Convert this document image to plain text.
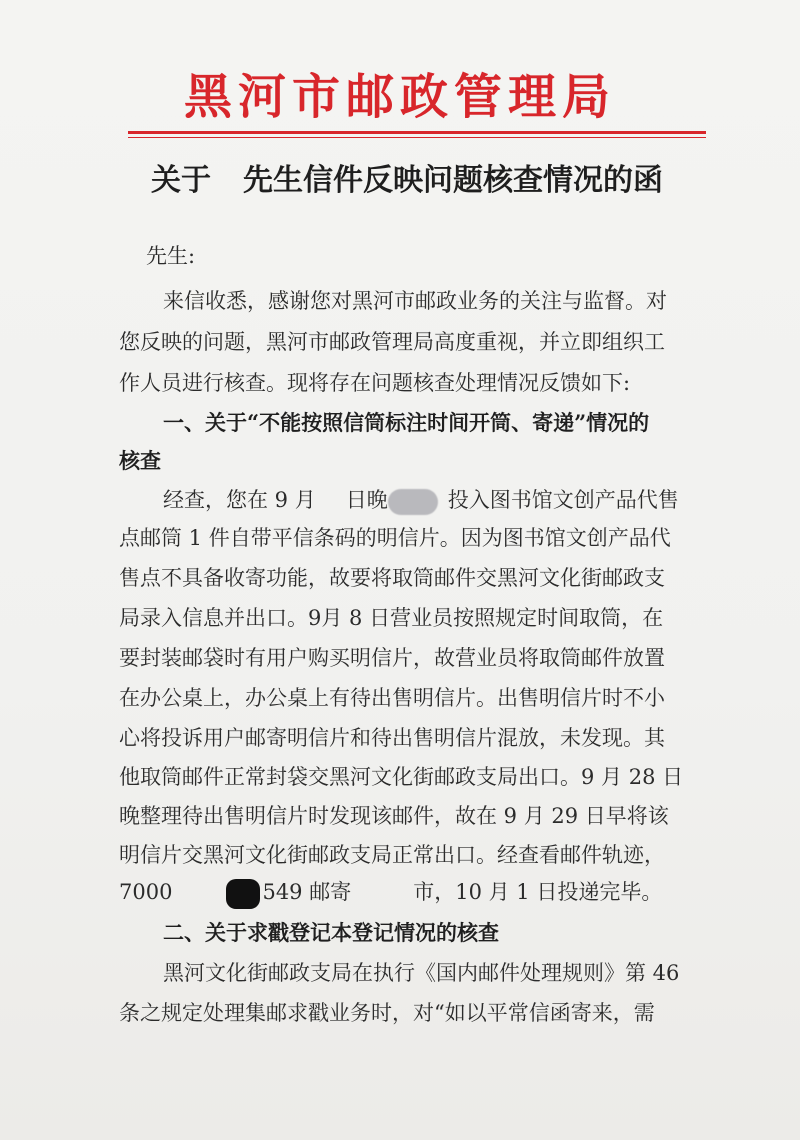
黑河市邮政管理局
关于 先生信件反映问题核查情况的函
先生:
来信收悉，感谢您对黑河市邮政业务的关注与监督。对
您反映的问题，黑河市邮政管理局高度重视，并立即组织工
作人员进行核查。现将存在问题核查处理情况反馈如下:
一、关于“不能按照信筒标注时间开筒、寄递”情况的
核查
经查，您在 9 月 日晚	投入图书馆文创产品代售
点邮筒 1 件自带平信条码的明信片。因为图书馆文创产品代
售点不具备收寄功能，故要将取筒邮件交黑河文化街邮政支
局录入信息并出口。9月 8 日营业员按照规定时间取筒，在
要封装邮袋时有用户购买明信片，故营业员将取筒邮件放置
在办公桌上，办公桌上有待出售明信片。出售明信片时不小
心将投诉用户邮寄明信片和待出售明信片混放，未发现。其
他取筒邮件正常封袋交黑河文化街邮政支局出口。9 月 28 日
晚整理待出售明信片时发现该邮件，故在 9 月 29 日早将该
明信片交黑河文化街邮政支局正常出口。经查看邮件轨迹，
7000	549 邮寄	市，10 月 1 日投递完毕。
二、关于求戳登记本登记情况的核查
黑河文化街邮政支局在执行《国内邮件处理规则》第 46
条之规定处理集邮求戳业务时，对“如以平常信函寄来，需
